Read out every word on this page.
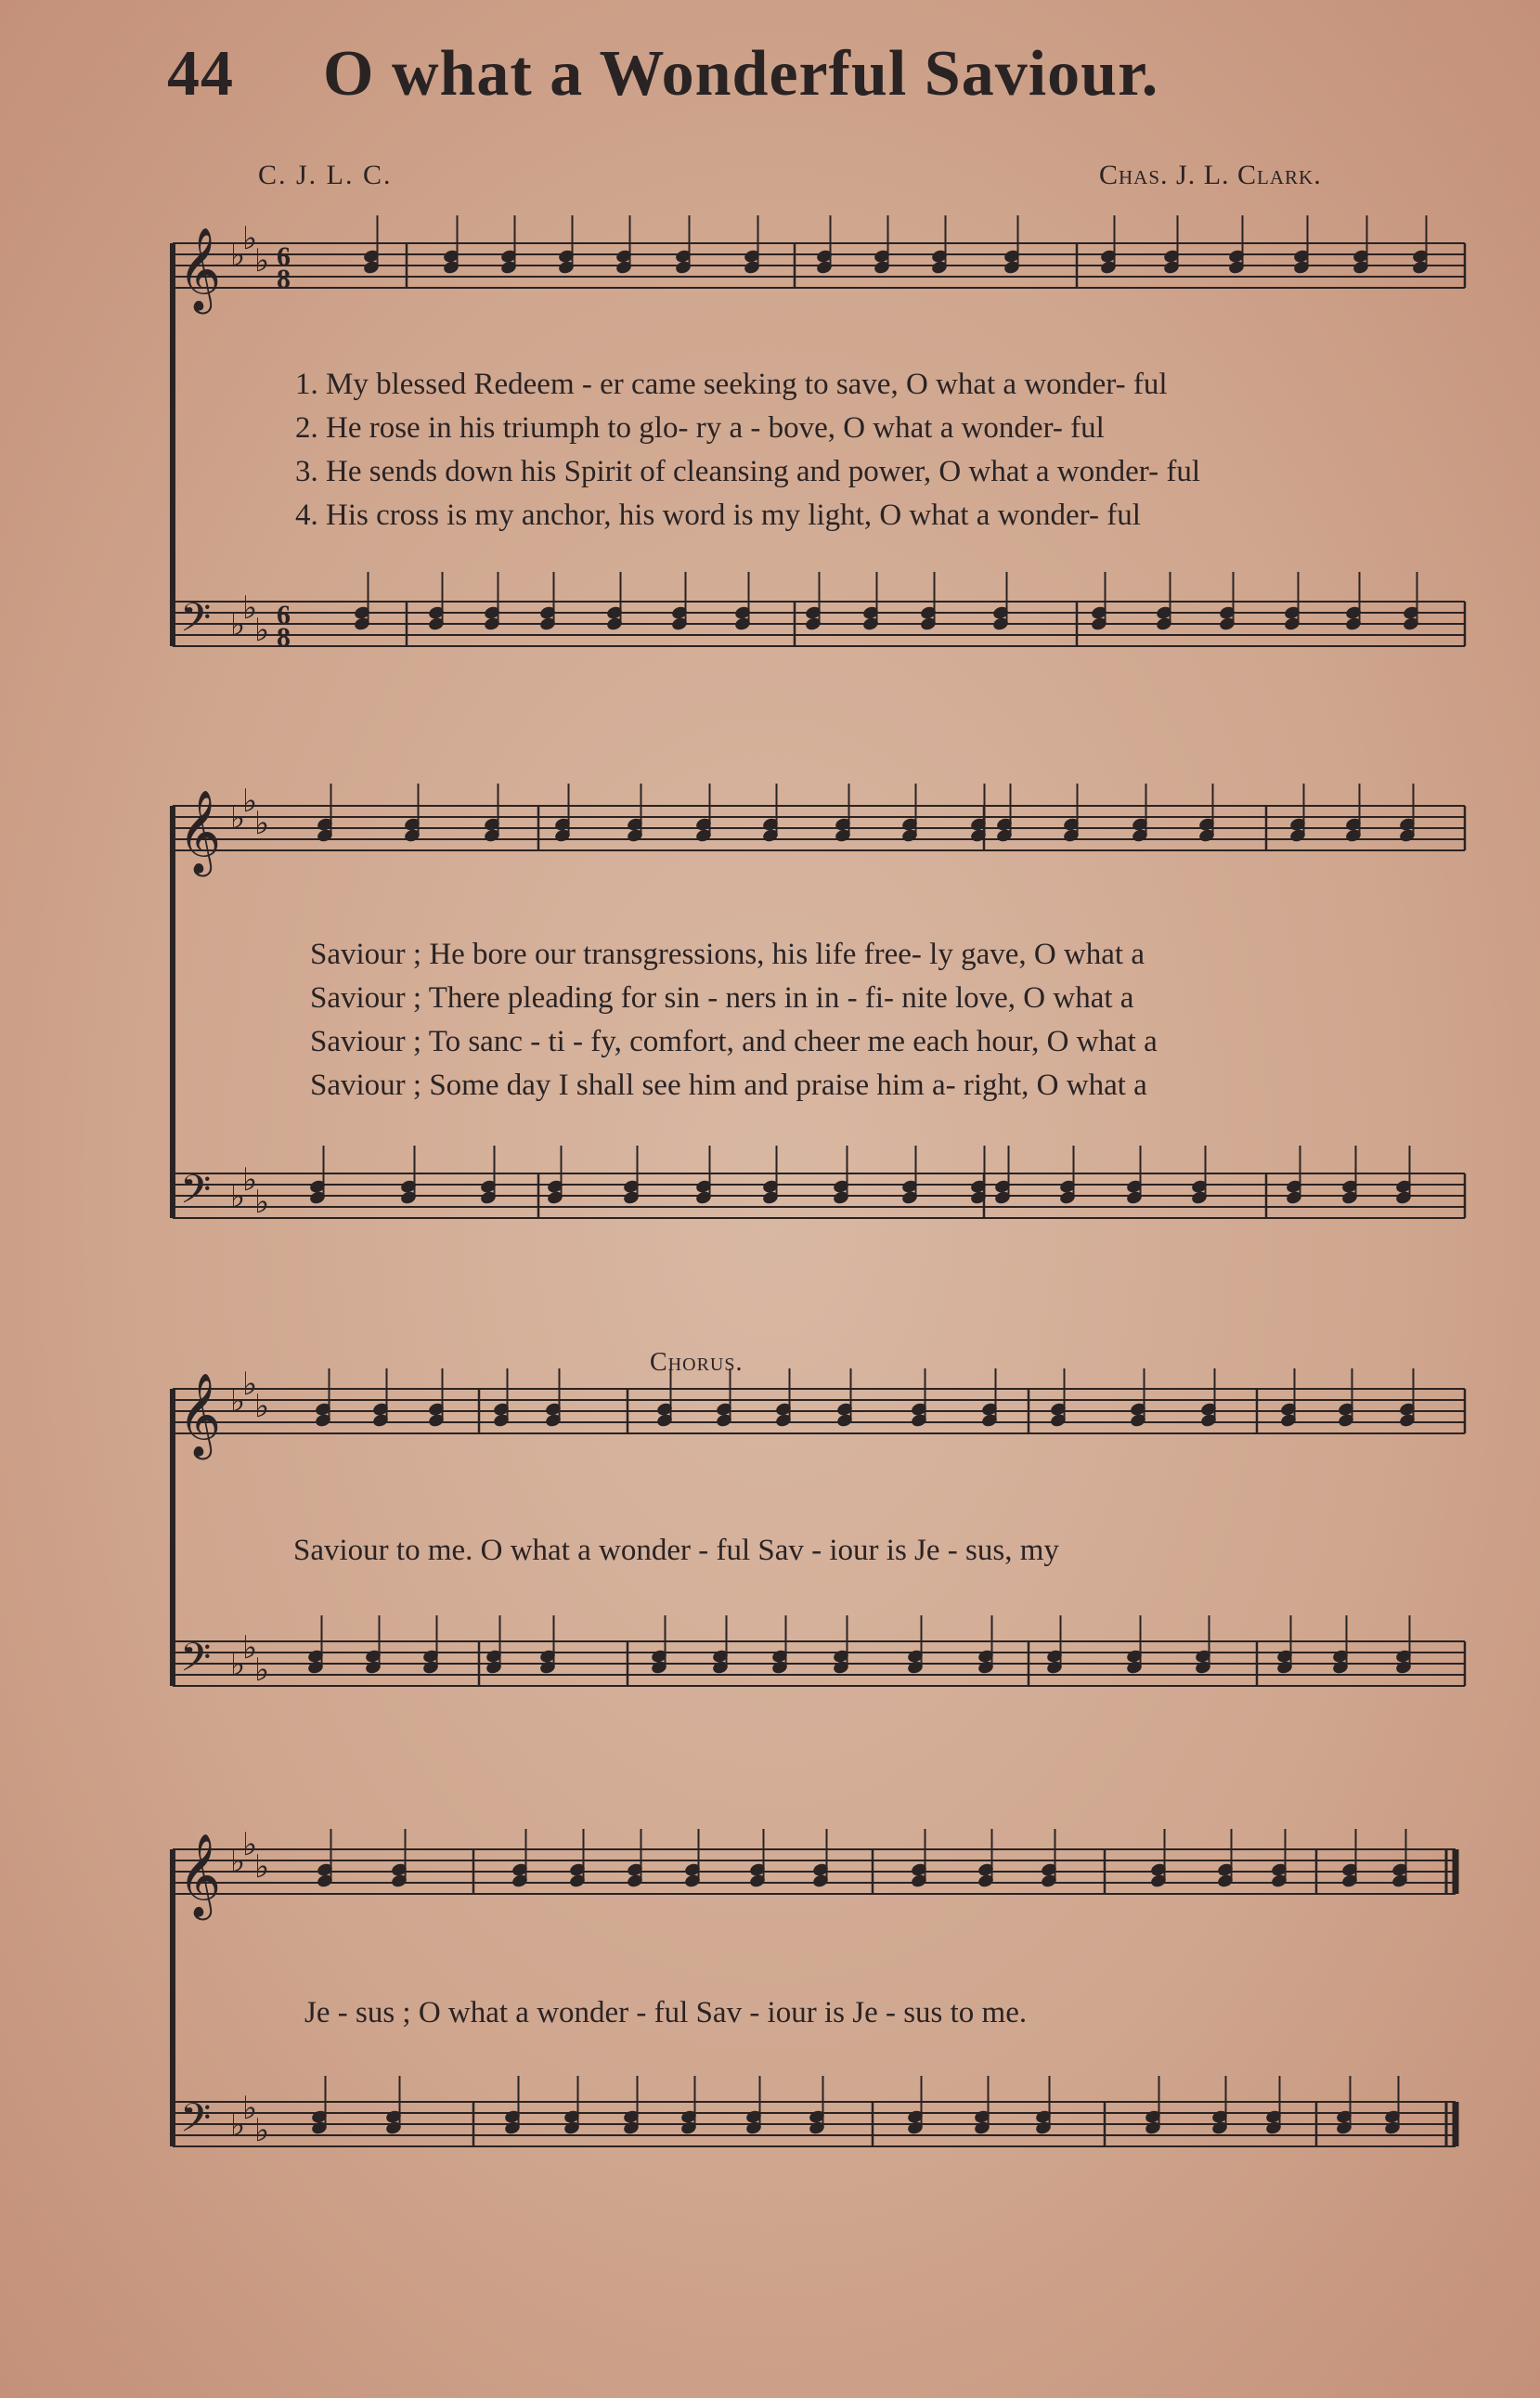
44 O what a Wonderful Saviour.
C. J. L. C.	Chas. J. L. Clark.
𝄞
𝄢
♭
♭
♭
♭
♭
♭
6
8
6
8
𝄞
𝄢
♭
♭
♭
♭
♭
♭
𝄞
𝄢
♭
♭
♭
♭
♭
♭
𝄞
𝄢
♭
♭
♭
♭
♭
♭
1. My blessed Redeem - er came seeking to save, O what a wonder- ful
2. He rose in his triumph to glo- ry a - bove, O what a wonder- ful
3. He sends down his Spirit of cleansing and power, O what a wonder- ful
4. His cross is my anchor, his word is my light, O what a wonder- ful
Saviour ; He bore our transgressions, his life free- ly gave, O what a
Saviour ; There pleading for sin - ners in in - fi- nite love, O what a
Saviour ; To sanc - ti - fy, comfort, and cheer me each hour, O what a
Saviour ; Some day I shall see him and praise him a- right, O what a
Chorus.
Saviour to me. O what a wonder - ful Sav - iour is Je - sus, my
Je - sus ; O what a wonder - ful Sav - iour is Je - sus to me.
